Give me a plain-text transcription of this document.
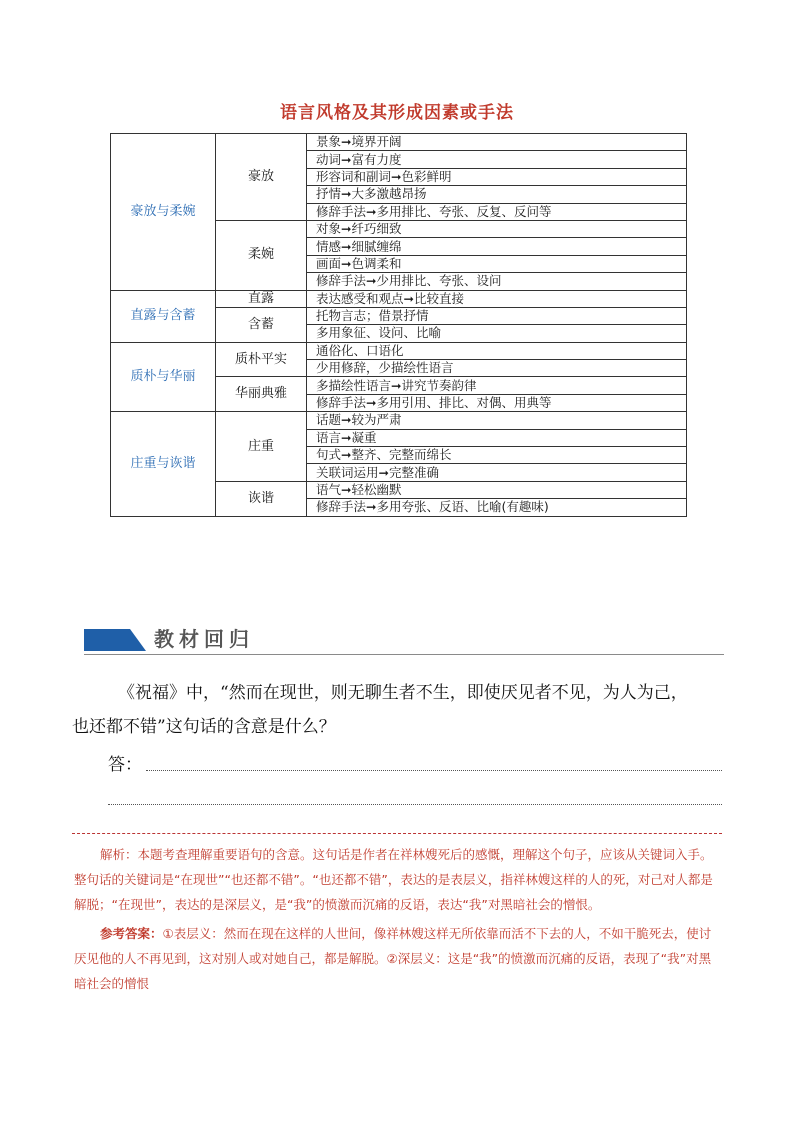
语言风格及其形成因素或手法
豪放与柔婉	豪放	景象➞境界开阔
		动词➞富有力度
		形容词和副词➞色彩鲜明
		抒情➞大多激越昂扬
		修辞手法➞多用排比、夸张、反复、反问等
	柔婉	对象➞纤巧细致
		情感➞细腻缠绵
		画面➞色调柔和
		修辞手法➞少用排比、夸张、设问
直露与含蓄	直露	表达感受和观点➞比较直接
	含蓄	托物言志；借景抒情
		多用象征、设问、比喻
质朴与华丽	质朴平实	通俗化、口语化
		少用修辞，少描绘性语言
	华丽典雅	多描绘性语言➞讲究节奏韵律
		修辞手法➞多用引用、排比、对偶、用典等
庄重与诙谐	庄重	话题➞较为严肃
		语言➞凝重
		句式➞整齐、完整而绵长
		关联词运用➞完整准确
	诙谐	语气➞轻松幽默
		修辞手法➞多用夸张、反语、比喻(有趣味)
教材回归
《祝福》中，“然而在现世，则无聊生者不生，即使厌见者不见，为人为己，
也还都不错”这句话的含意是什么？
答：

解析：本题考查理解重要语句的含意。这句话是作者在祥林嫂死后的感慨，理解这个句子，应该从关键词入手。整句话的关键词是“在现世”“也还都不错”。“也还都不错”，表达的是表层义，指祥林嫂这样的人的死，对己对人都是解脱；“在现世”，表达的是深层义，是“我”的愤激而沉痛的反语，表达“我”对黑暗社会的憎恨。

参考答案：①表层义：然而在现在这样的人世间，像祥林嫂这样无所依靠而活不下去的人，不如干脆死去，使讨厌见他的人不再见到，这对别人或对她自己，都是解脱。②深层义：这是“我”的愤激而沉痛的反语，表现了“我”对黑暗社会的憎恨
